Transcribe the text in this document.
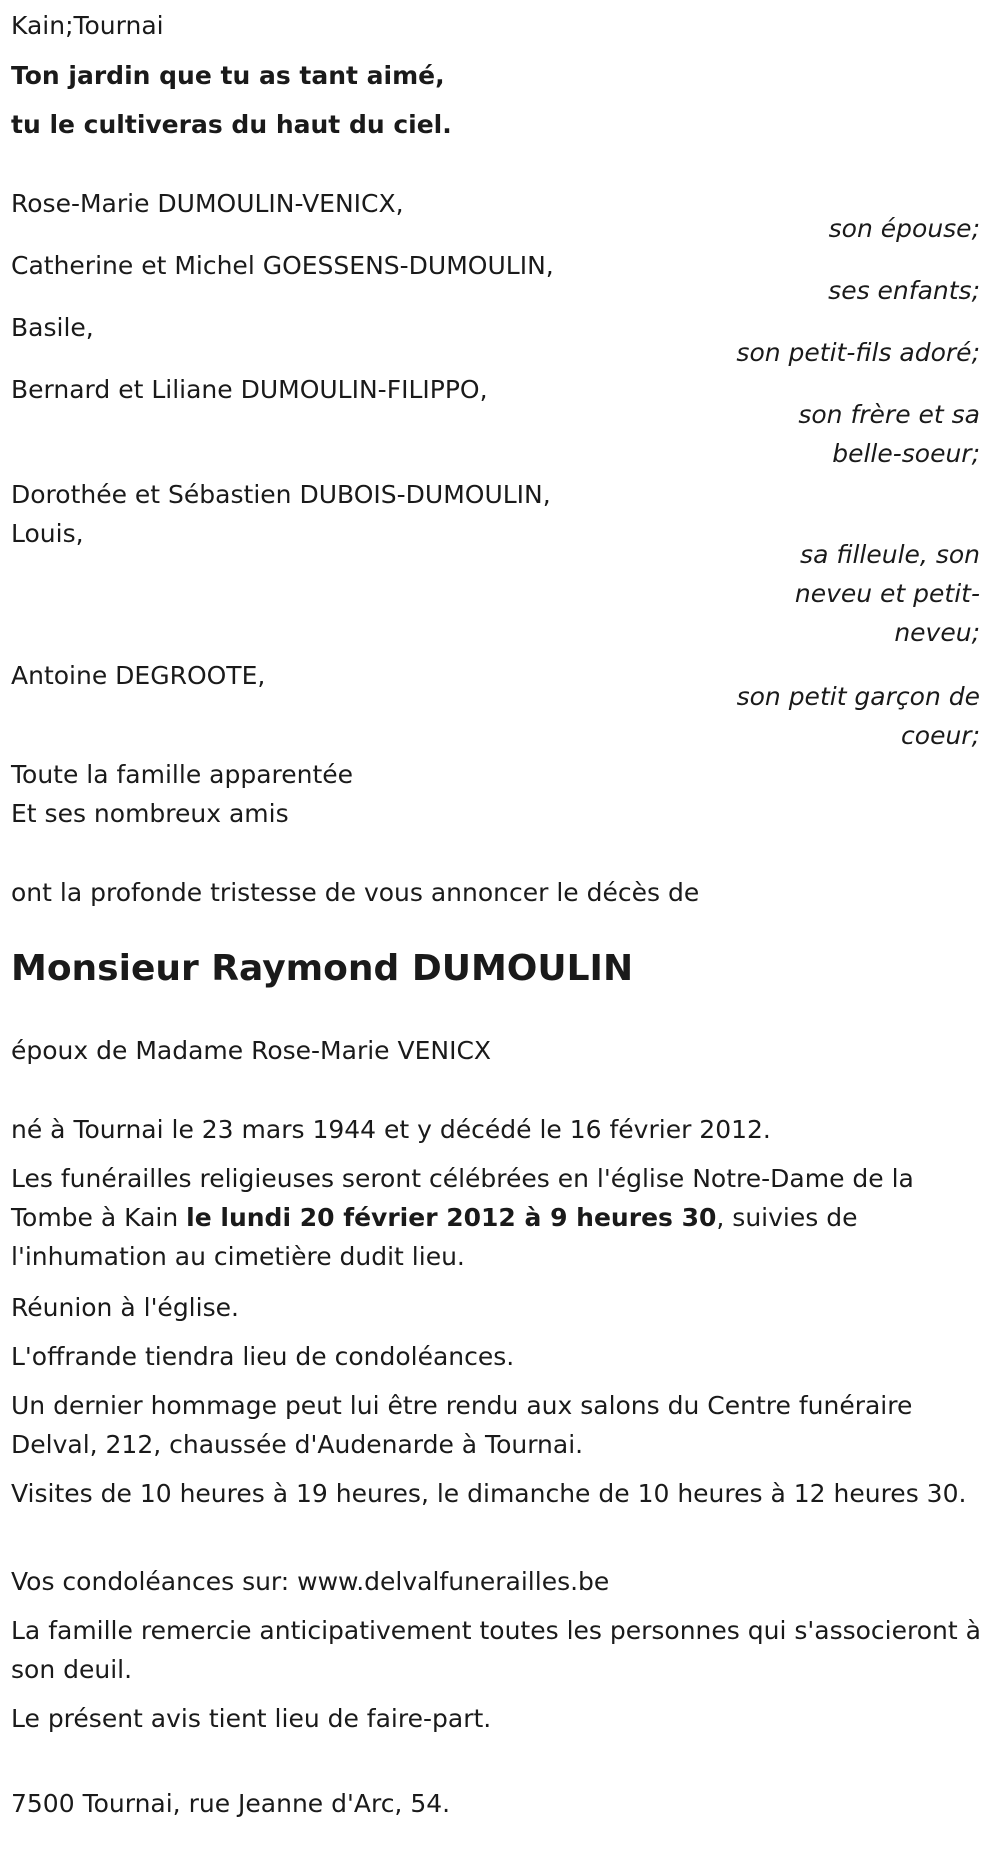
Kain;Tournai
Ton jardin que tu as tant aimé,
tu le cultiveras du haut du ciel.
Rose-Marie DUMOULIN-VENICX,
Catherine et Michel GOESSENS-DUMOULIN,
Basile,
Bernard et Liliane DUMOULIN-FILIPPO,
Dorothée et Sébastien DUBOIS-DUMOULIN,
Louis,
Antoine DEGROOTE,
son épouse;
ses enfants;
son petit-fils adoré;
son frère et sa
belle-soeur;
sa filleule, son
neveu et petit-
neveu;
son petit garçon de
coeur;
Toute la famille apparentée
Et ses nombreux amis
ont la profonde tristesse de vous annoncer le décès de
Monsieur Raymond DUMOULIN
époux de Madame Rose-Marie VENICX
né à Tournai le 23 mars 1944 et y décédé le 16 février 2012.
Les funérailles religieuses seront célébrées en l'église Notre-Dame de la Tombe à Kain le lundi 20 février 2012 à 9 heures 30, suivies de l'inhumation au cimetière dudit lieu.
Réunion à l'église.
L'offrande tiendra lieu de condoléances.
Un dernier hommage peut lui être rendu aux salons du Centre funéraire Delval, 212, chaussée d'Audenarde à Tournai.
Visites de 10 heures à 19 heures, le dimanche de 10 heures à 12 heures 30.
Vos condoléances sur: www.delvalfunerailles.be
La famille remercie anticipativement toutes les personnes qui s'associeront à son deuil.
Le présent avis tient lieu de faire-part.
7500 Tournai, rue Jeanne d'Arc, 54.
